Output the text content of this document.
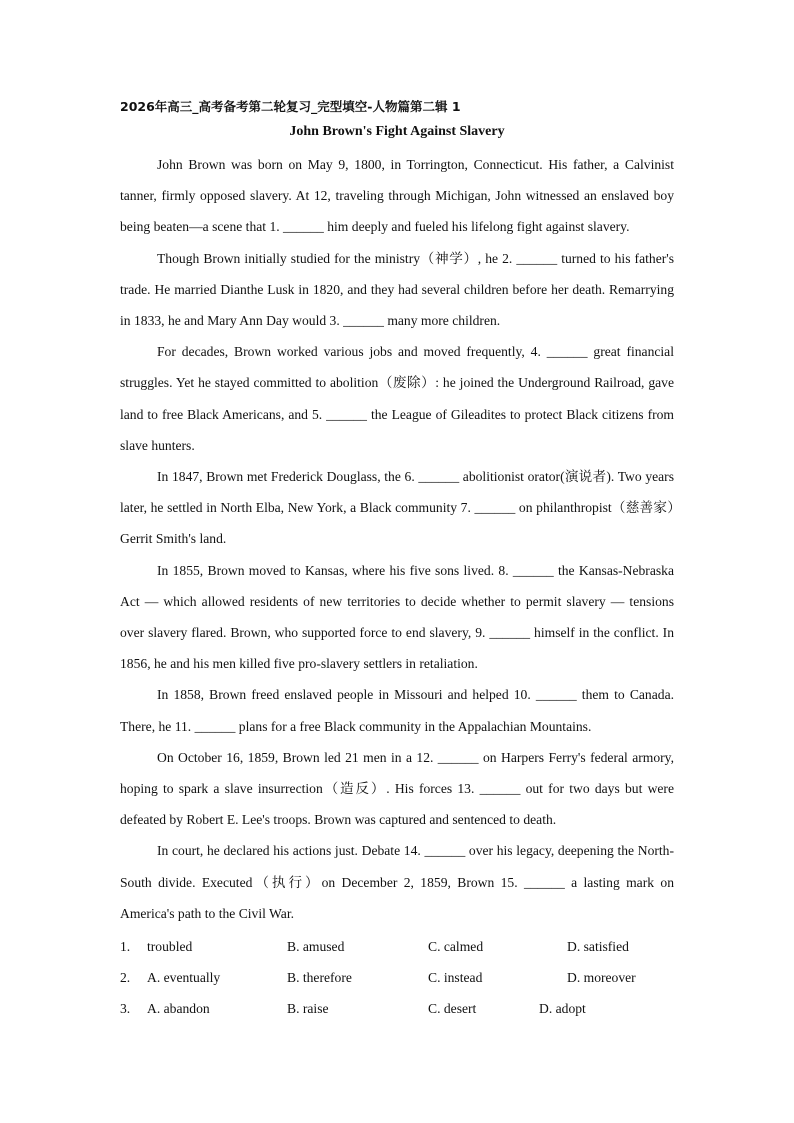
2026年高三_高考备考第二轮复习_完型填空-人物篇第二辑 1
John Brown's Fight Against Slavery

John Brown was born on May 9, 1800, in Torrington, Connecticut. His father, a Calvinist tanner, firmly opposed slavery. At 12, traveling through Michigan, John witnessed an enslaved boy being beaten—a scene that 1. ______ him deeply and fueled his lifelong fight against slavery.

Though Brown initially studied for the ministry（神学）, he 2. ______ turned to his father's trade. He married Dianthe Lusk in 1820, and they had several children before her death. Remarrying in 1833, he and Mary Ann Day would 3. ______ many more children.

For decades, Brown worked various jobs and moved frequently, 4. ______ great financial struggles. Yet he stayed committed to abolition（废除）: he joined the Underground Railroad, gave land to free Black Americans, and 5. ______ the League of Gileadites to protect Black citizens from slave hunters.

In 1847, Brown met Frederick Douglass, the 6. ______ abolitionist orator(演说者). Two years later, he settled in North Elba, New York, a Black community 7. ______ on philanthropist（慈善家）Gerrit Smith's land.

In 1855, Brown moved to Kansas, where his five sons lived. 8. ______ the Kansas-Nebraska Act — which allowed residents of new territories to decide whether to permit slavery — tensions over slavery flared. Brown, who supported force to end slavery, 9. ______ himself in the conflict. In 1856, he and his men killed five pro-slavery settlers in retaliation.

In 1858, Brown freed enslaved people in Missouri and helped 10. ______ them to Canada. There, he 11. ______ plans for a free Black community in the Appalachian Mountains.

On October 16, 1859, Brown led 21 men in a 12. ______ on Harpers Ferry's federal armory, hoping to spark a slave insurrection（造反）. His forces 13. ______ out for two days but were defeated by Robert E. Lee's troops. Brown was captured and sentenced to death.

In court, he declared his actions just. Debate 14. ______ over his legacy, deepening the North-South divide. Executed（执行）on December 2, 1859, Brown 15. ______ a lasting mark on America's path to the Civil War.

1. troubled	B. amused	C. calmed	D. satisfied
2. A. eventually	B. therefore	C. instead	D. moreover
3. A. abandon	B. raise	C. desert	D. adopt
